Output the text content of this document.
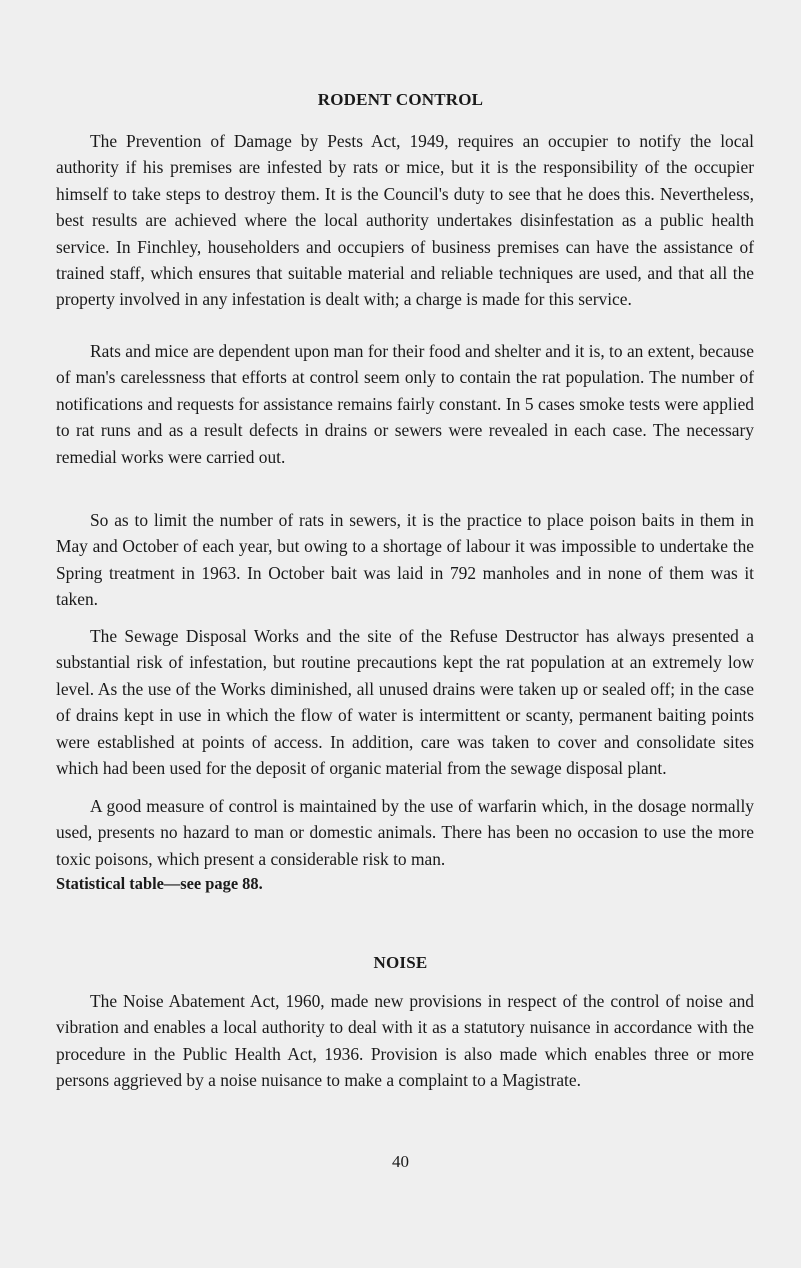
RODENT CONTROL

The Prevention of Damage by Pests Act, 1949, requires an occupier to notify the local authority if his premises are infested by rats or mice, but it is the responsibility of the occupier himself to take steps to destroy them. It is the Council's duty to see that he does this. Nevertheless, best results are achieved where the local authority undertakes disinfestation as a public health service. In Finchley, householders and occupiers of business premises can have the assistance of trained staff, which ensures that suitable material and reliable techniques are used, and that all the property involved in any infestation is dealt with; a charge is made for this service.

Rats and mice are dependent upon man for their food and shelter and it is, to an extent, because of man's carelessness that efforts at control seem only to contain the rat population. The number of notifications and requests for assistance remains fairly constant. In 5 cases smoke tests were applied to rat runs and as a result defects in drains or sewers were revealed in each case. The necessary remedial works were carried out.

So as to limit the number of rats in sewers, it is the practice to place poison baits in them in May and October of each year, but owing to a shortage of labour it was impossible to undertake the Spring treatment in 1963. In October bait was laid in 792 manholes and in none of them was it taken.

The Sewage Disposal Works and the site of the Refuse Destructor has always presented a substantial risk of infestation, but routine precautions kept the rat population at an extremely low level. As the use of the Works diminished, all unused drains were taken up or sealed off; in the case of drains kept in use in which the flow of water is intermittent or scanty, permanent baiting points were established at points of access. In addition, care was taken to cover and consolidate sites which had been used for the deposit of organic material from the sewage disposal plant.

A good measure of control is maintained by the use of warfarin which, in the dosage normally used, presents no hazard to man or domestic animals. There has been no occasion to use the more toxic poisons, which present a considerable risk to man.

Statistical table—see page 88.

NOISE

The Noise Abatement Act, 1960, made new provisions in respect of the control of noise and vibration and enables a local authority to deal with it as a statutory nuisance in accordance with the procedure in the Public Health Act, 1936. Provision is also made which enables three or more persons aggrieved by a noise nuisance to make a complaint to a Magistrate.

40
